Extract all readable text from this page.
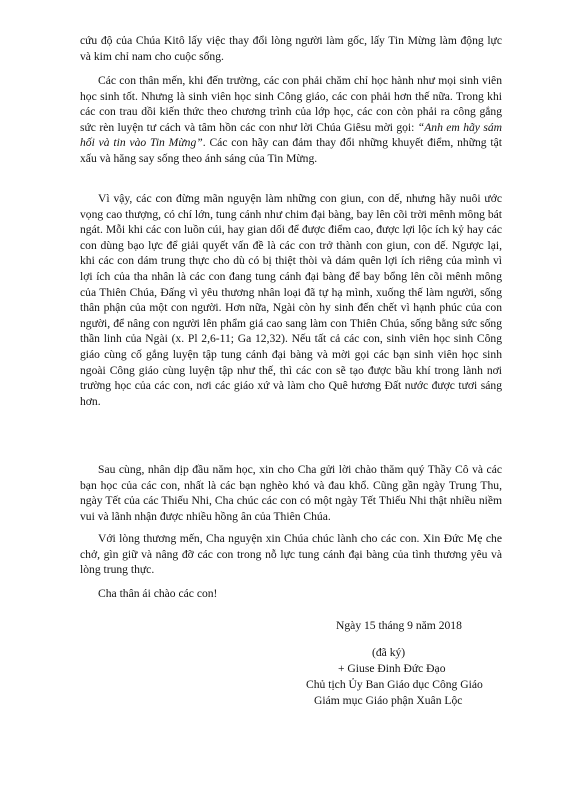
cứu độ của Chúa Kitô lấy việc thay đổi lòng người làm gốc, lấy Tin Mừng làm động lực và kim chỉ nam cho cuộc sống.

Các con thân mến, khi đến trường, các con phải chăm chỉ học hành như mọi sinh viên học sinh tốt. Nhưng là sinh viên học sinh Công giáo, các con phải hơn thế nữa. Trong khi các con trau dồi kiến thức theo chương trình của lớp học, các con còn phải ra công gắng sức rèn luyện tư cách và tâm hồn các con như lời Chúa Giêsu mời gọi: “Anh em hãy sám hối và tin vào Tin Mừng”. Các con hãy can đảm thay đổi những khuyết điểm, những tật xấu và hăng say sống theo ánh sáng của Tin Mừng.

Vì vậy, các con đừng mãn nguyện làm những con giun, con dế, nhưng hãy nuôi ước vọng cao thượng, có chí lớn, tung cánh như chim đại bàng, bay lên cõi trời mênh mông bát ngát. Mỗi khi các con luồn cúi, hay gian dối để được điểm cao, được lợi lộc ích kỷ hay các con dùng bạo lực để giải quyết vấn đề là các con trở thành con giun, con dế. Ngược lại, khi các con dám trung thực cho dù có bị thiệt thòi và dám quên lợi ích riêng của mình vì lợi ích của tha nhân là các con đang tung cánh đại bàng để bay bổng lên cõi mênh mông của Thiên Chúa, Đấng vì yêu thương nhân loại đã tự hạ mình, xuống thế làm người, sống thân phận của một con người. Hơn nữa, Ngài còn hy sinh đến chết vì hạnh phúc của con người, để nâng con người lên phẩm giá cao sang làm con Thiên Chúa, sống bằng sức sống thần linh của Ngài (x. Pl 2,6-11; Ga 12,32). Nếu tất cả các con, sinh viên học sinh Công giáo cùng cố gắng luyện tập tung cánh đại bàng và mời gọi các bạn sinh viên học sinh ngoài Công giáo cùng luyện tập như thế, thì các con sẽ tạo được bầu khí trong lành nơi trường học của các con, nơi các giáo xứ và làm cho Quê hương Đất nước được tươi sáng hơn.

Sau cùng, nhân dịp đầu năm học, xin cho Cha gửi lời chào thăm quý Thầy Cô và các bạn học của các con, nhất là các bạn nghèo khó và đau khổ. Cũng gần ngày Trung Thu, ngày Tết của các Thiếu Nhi, Cha chúc các con có một ngày Tết Thiếu Nhi thật nhiều niềm vui và lãnh nhận được nhiều hồng ân của Thiên Chúa.

Với lòng thương mến, Cha nguyện xin Chúa chúc lành cho các con. Xin Đức Mẹ che chở, gìn giữ và nâng đỡ các con trong nỗ lực tung cánh đại bàng của tình thương yêu và lòng trung thực.

Cha thân ái chào các con!

Ngày 15 tháng 9 năm 2018

(đã ký)

+ Giuse Đinh Đức Đạo

Chủ tịch Ủy Ban Giáo dục Công Giáo

Giám mục Giáo phận Xuân Lộc
